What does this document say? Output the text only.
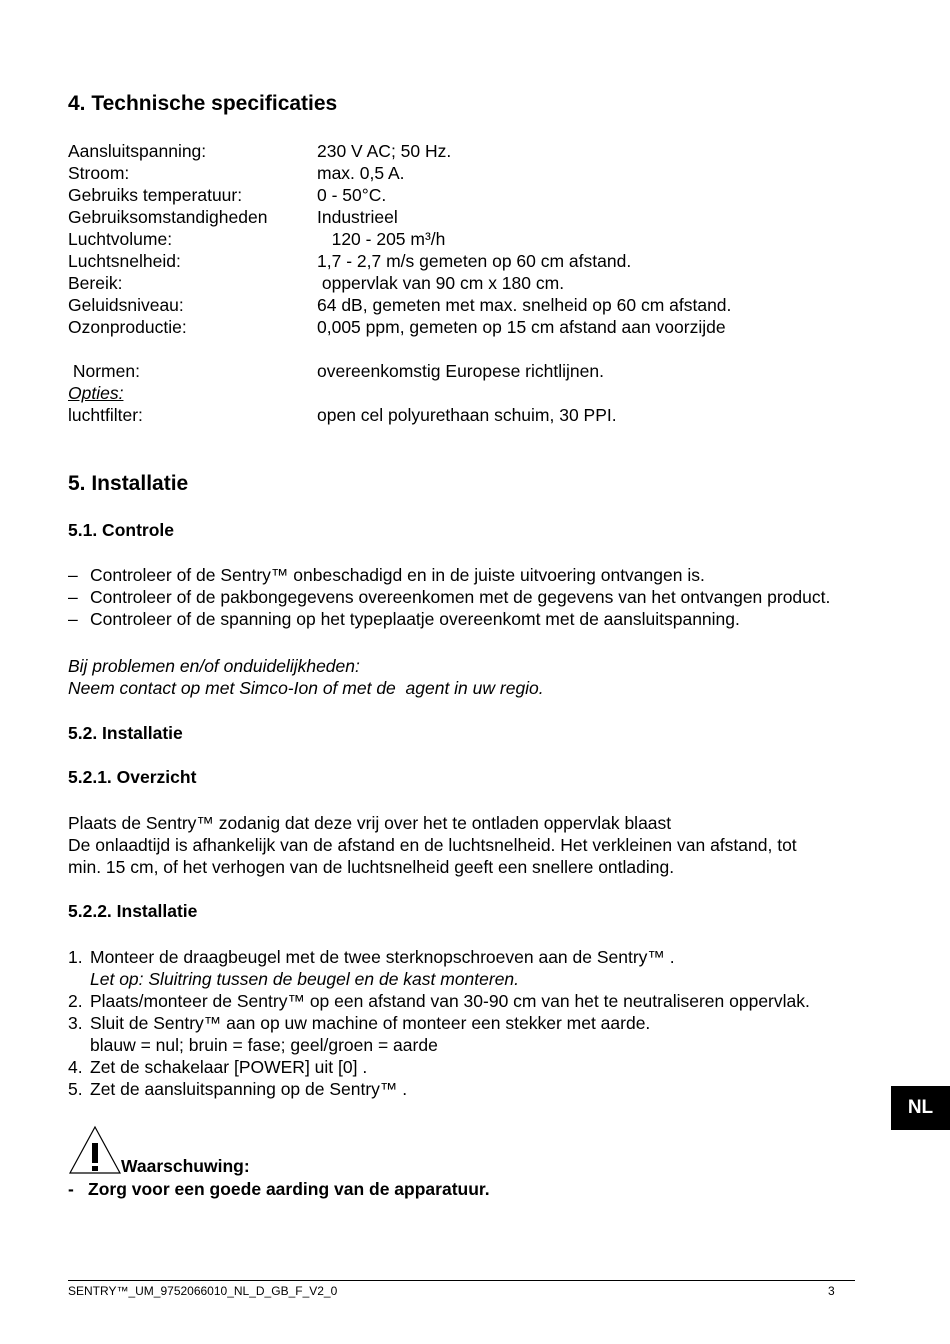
4. Technische specificaties
Aansluitspanning:	230 V AC; 50 Hz.
Stroom:	max. 0,5 A.
Gebruiks temperatuur:	0 - 50°C.
Gebruiksomstandigheden	Industrieel
Luchtvolume:	120 - 205 m³/h
Luchtsnelheid:	1,7 - 2,7 m/s gemeten op 60 cm afstand.
Bereik:	oppervlak van 90 cm x 180 cm.
Geluidsniveau:	64 dB, gemeten met max. snelheid op 60 cm afstand.
Ozonproductie:	0,005 ppm, gemeten op 15 cm afstand aan voorzijde
Normen:	overeenkomstig Europese richtlijnen.
Opties:
luchtfilter:	open cel polyurethaan schuim, 30 PPI.
5. Installatie
5.1. Controle
– Controleer of de Sentry™ onbeschadigd en in de juiste uitvoering ontvangen is.
– Controleer of de pakbongegevens overeenkomen met de gegevens van het ontvangen product.
– Controleer of de spanning op het typeplaatje overeenkomt met de aansluitspanning.
Bij problemen en/of onduidelijkheden:
Neem contact op met Simco-Ion of met de  agent in uw regio.
5.2. Installatie
5.2.1. Overzicht
Plaats de Sentry™ zodanig dat deze vrij over het te ontladen oppervlak blaast
De onlaadtijd is afhankelijk van de afstand en de luchtsnelheid. Het verkleinen van afstand, tot
min. 15 cm, of het verhogen van de luchtsnelheid geeft een snellere ontlading.
5.2.2. Installatie
1. Monteer de draagbeugel met de twee sterknopschroeven aan de Sentry™ .
Let op: Sluitring tussen de beugel en de kast monteren.
2. Plaats/monteer de Sentry™ op een afstand van 30-90 cm van het te neutraliseren oppervlak.
3. Sluit de Sentry™ aan op uw machine of monteer een stekker met aarde.
blauw = nul; bruin = fase; geel/groen = aarde
4. Zet de schakelaar [POWER] uit [0] .
5. Zet de aansluitspanning op de Sentry™ .
Waarschuwing:
- Zorg voor een goede aarding van de apparatuur.
NL
SENTRY™_UM_9752066010_NL_D_GB_F_V2_0	3
